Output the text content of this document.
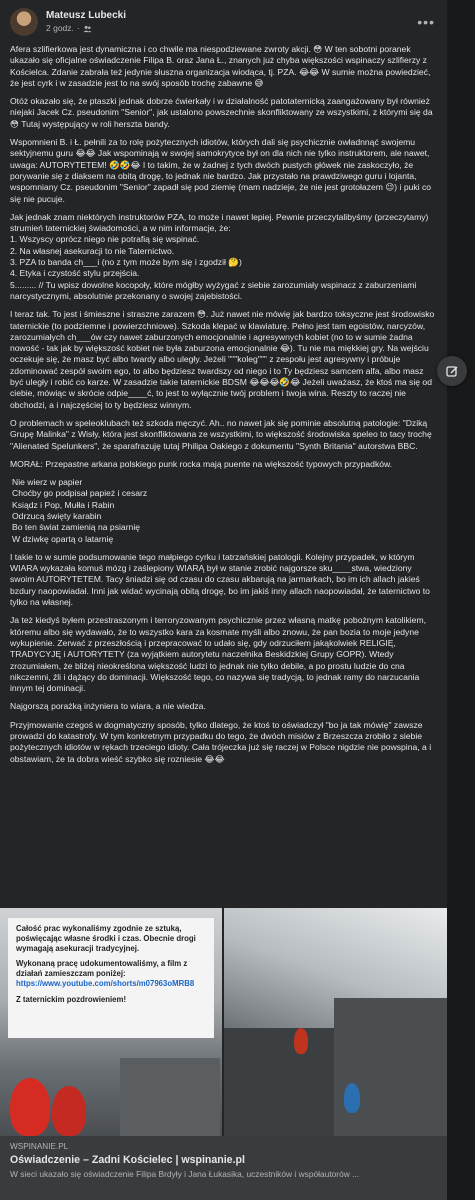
Mateusz Lubecki
2 godz. ·	•••

Afera szlifierkowa jest dynamiczna i co chwile ma niespodziewane zwroty akcji. 😳 W ten sobotni poranek ukazało się oficjalne oświadczenie Filipa B. oraz Jana Ł., znanych już chyba większości wspinaczy szlifierzy z Kościelca. Zdanie zabrała też jedynie słuszna organizacja wiodąca, tj. PZA. 😂😂 W sumie można powiedzieć, że jest cyrk i w zasadzie jest to na swój sposób trochę zabawne 😅

Otóż okazało się, że ptaszki jednak dobrze ćwierkały i w działalność patotaternicką zaangażowany był również niejaki Jacek Cz. pseudonim "Senior", jak ustalono powszechnie skonfliktowany ze wszystkimi, z którymi się da 😳 Tutaj występujący w roli herszta bandy.

Wspomnieni B. i Ł. pełnili za to rolę pożytecznych idiotów, których dali się psychicznie owładnnąć swojemu sektyjnemu guru 😂😂 Jak wspominają w swojej samokrytyce był on dla nich nie tylko instruktorem, ale nawet, uwaga: AUTORYTETEM! 🤣🤣😂 I to takim, że w żadnej z tych dwóch pustych główek nie zaskoczyło, że porywanie się z diaksem na obitą drogę, to jednak nie bardzo. Jak przystało na prawdziwego guru i lojanta, wspomniany Cz. pseudonim "Senior" zapadł się pod ziemię (mam nadzieje, że nie jest grotołazem 😉) i puki co się nie pucuje.

Jak jednak znam niektórych instruktorów PZA, to może i nawet lepiej. Pewnie przeczytalibyśmy (przeczytamy) strumień taternickiej świadomości, a w nim informacje, że:
1. Wszyscy oprócz niego nie potrafią się wspinać.
2. Na własnej asekuracji to nie Taternictwo.
3. PZA to banda ch___i (no z tym może bym się i zgodził 🤔)
4. Etyka i czystość stylu przejścia.
5......... // Tu wpisz dowolne kocopoły, które mógłby wyżygać z siebie zarozumiały wspinacz z zaburzeniami narcystycznymi, absolutnie przekonany o swojej zajebistości.

I teraz tak. To jest i śmieszne i straszne zarazem 😳. Już nawet nie mówię jak bardzo toksyczne jest środowisko taternickie (to podziemne i powierzchniowe). Szkoda klepać w klawiaturę. Pełno jest tam egoistów, narcyzów, zarozumiałych ch___ów czy nawet zaburzonych emocjonalnie i agresywnych kobiet (no to w sumie żadna nowość - tak jak by większość kobiet nie była zaburzona emocjonalnie 😂). Tu nie ma miękkiej gry. Na wejściu oczekuje się, że masz być albo twardy albo uległy. Jeżeli """koleg""" z zespołu jest agresywny i próbuje zdominować zespół swoim ego, to albo będziesz twardszy od niego i to Ty będziesz samcem alfa, albo masz być uległy i robić co karze. W zasadzie takie taternickie BDSM 😂😂😂🤣😂 Jeżeli uważasz, że ktoś ma się od ciebie, mówiąc w skrócie odpie____ć, to jest to wyłącznie twój problem i twoja wina. Reszty to raczej nie obchodzi, a i najczęściej to ty będziesz winnym.

O problemach w speleoklubach też szkoda męczyć. Ah.. no nawet jak się pominie absolutną patologie: "Dziką Grupę Malinka" z Wisły, która jest skonfliktowana ze wszystkimi, to większość środowiska speleo to tacy trochę "Alienated Spelunkers", że sparafrazuję tutaj Philipa Oakiego z dokumentu "Synth Britania" autorstwa BBC.

MORAŁ: Przepastne arkana polskiego punk rocka mają puente na większość typowych przypadków.

Nie wierz w papier
Choćby go podpisał papież i cesarz
Ksiądz i Pop, Mułła i Rabin
Odrzucą święty karabin
Bo ten świat zamienią na psiarnię
W dziwkę opartą o latarnię

I takie to w sumie podsumowanie tego małpiego cyrku i tatrzańskiej patologii. Kolejny przypadek, w którym WIARA wykazała komuś mózg i zaślepiony WIARĄ był w stanie zrobić najgorsze sku____stwa, wiedziony swoim AUTORYTETEM. Tacy śniadzi się od czasu do czasu akbarują na jarmarkach, bo im ich allach jakieś bzdury naopowiadał. Inni jak widać wycinają obitą drogę, bo im jakiś inny allach naopowiadał, że taternictwo to tylko na własnej.

Ja też kiedyś byłem przestraszonym i terroryzowanym psychicznie przez własną matkę pobożnym katolikiem, któremu albo się wydawało, że to wszystko kara za kosmate myśli albo znowu, że pan bozia to moje jedyne wykupienie. Zerwać z przeszłością i przepracować to udało się, gdy odrzuciłem jakąkolwiek RELIGIĘ, TRADYCYJĘ i AUTORYTETY (za wyjątkiem autorytetu naczelnika Beskidzkiej Grupy GOPR). Wtedy zrozumiałem, że bliżej nieokreślona większość ludzi to jednak nie tylko debile, a po prostu ludzie do cna nikczemni, źli i dążący do dominacji. Większość tego, co nazywa się tradycją, to jednak ramy do narzucania innym tej dominacji.

Najgorszą porażką inżyniera to wiara, a nie wiedza.

Przyjmowanie czegoś w dogmatyczny sposób, tylko dlatego, że ktoś to oświadczył "bo ja tak mówię" zawsze prowadzi do katastrofy. W tym konkretnym przypadku do tego, że dwóch misiów z Brzeszcza zrobiło z siebie pożytecznych idiotów w rękach trzeciego idioty. Cała trójeczka już się raczej w Polsce nigdzie nie powspina, a i obstawiam, że ta dobra wieść szybko się rozniesie 😂😂

Całość prac wykonaliśmy zgodnie ze sztuką, poświęcając własne środki i czas. Obecnie drogi wymagają asekuracji tradycyjnej.
Wykonaną pracę udokumentowaliśmy, a film z działań zamieszczam poniżej:
https://www.youtube.com/shorts/m07963oMRB8
Z taternickim pozdrowieniem!
WSPINANIE.PL
Oświadczenie – Zadni Kościelec | wspinanie.pl
W sieci ukazało się oświadczenie Filipa Brdyły i Jana Łukasika, uczestników i współautorów ...
